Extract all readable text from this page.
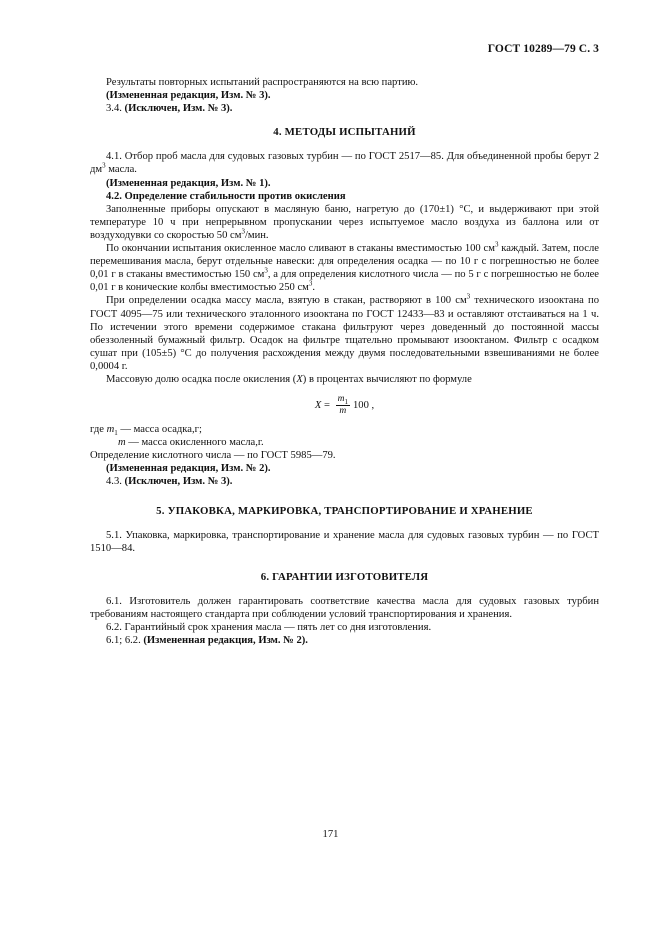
ГОСТ 10289—79 С. 3

Результаты повторных испытаний распространяются на всю партию.

(Измененная редакция, Изм. № 3).

3.4. (Исключен, Изм. № 3).

4. МЕТОДЫ ИСПЫТАНИЙ

4.1. Отбор проб масла для судовых газовых турбин — по ГОСТ 2517—85. Для объединенной пробы берут 2 $дм^3$ масла.

(Измененная редакция, Изм. № 1).

4.2. Определение стабильности против окисления

Заполненные приборы опускают в масляную баню, нагретую до (170±1) °С, и выдерживают при этой температуре 10 ч при непрерывном пропускании через испытуемое масло воздуха из баллона или от воздуходувки со скоростью 50 $см^3$/мин.

По окончании испытания окисленное масло сливают в стаканы вместимостью 100 $см^3$ каждый. Затем, после перемешивания масла, берут отдельные навески: для определения осадка — по 10 г с погрешностью не более 0,01 г в стаканы вместимостью 150 $см^3$, а для определения кислотного числа — по 5 г с погрешностью не более 0,01 г в конические колбы вместимостью 250 $см^3$.

При определении осадка массу масла, взятую в стакан, растворяют в 100 $см^3$ технического изооктана по ГОСТ 4095—75 или технического эталонного изооктана по ГОСТ 12433—83 и оставляют отстаиваться на 1 ч. По истечении этого времени содержимое стакана фильтруют через доведенный до постоянной массы обеззоленный бумажный фильтр. Осадок на фильтре тщательно промывают изооктаном. Фильтр с осадком сушат при (105±5) °С до получения расхождения между двумя последовательными взвешиваниями не более 0,0004 г.

Массовую долю осадка после окисления (X) в процентах вычисляют по формуле

$X = \frac{m_1}{m} 100$ ,

где $m_1$ — масса осадка,г;

m — масса окисленного масла,г.

Определение кислотного числа — по ГОСТ 5985—79.

(Измененная редакция, Изм. № 2).

4.3. (Исключен, Изм. № 3).

5. УПАКОВКА, МАРКИРОВКА, ТРАНСПОРТИРОВАНИЕ И ХРАНЕНИЕ

5.1. Упаковка, маркировка, транспортирование и хранение масла для судовых газовых турбин — по ГОСТ 1510—84.

6. ГАРАНТИИ ИЗГОТОВИТЕЛЯ

6.1. Изготовитель должен гарантировать соответствие качества масла для судовых газовых турбин требованиям настоящего стандарта при соблюдении условий транспортирования и хранения.

6.2. Гарантийный срок хранения масла — пять лет со дня изготовления.

6.1; 6.2. (Измененная редакция, Изм. № 2).

171
